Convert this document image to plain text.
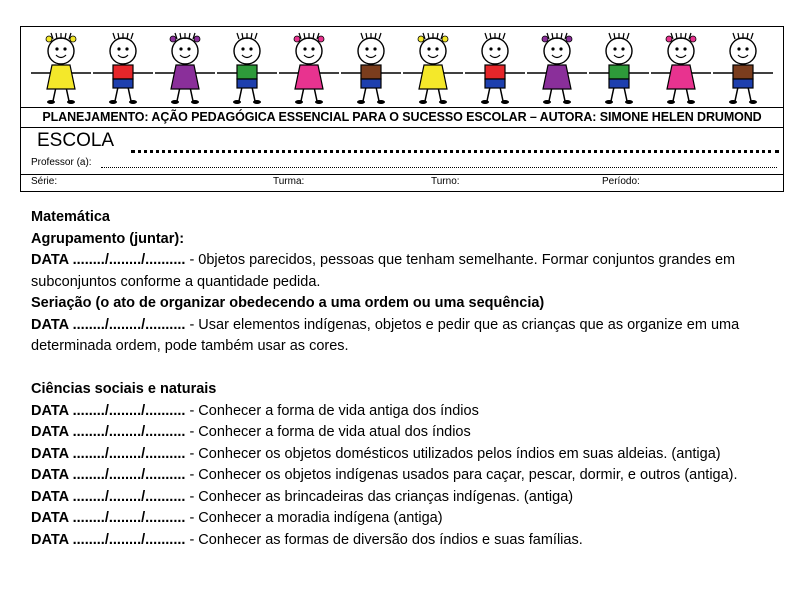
PLANEJAMENTO: AÇÃO PEDAGÓGICA ESSENCIAL PARA O SUCESSO ESCOLAR – AUTORA: SIMONE HELEN DRUMOND
ESCOLA
Professor (a):
Série:	Turma:	Turno:	Período:

Matemática

Agrupamento (juntar):

DATA ......../......../.......... - 0bjetos parecidos, pessoas que tenham semelhante. Formar conjuntos grandes em subconjuntos conforme a quantidade pedida.

Seriação (o ato de organizar obedecendo a uma ordem ou uma sequência)

DATA ......../......../.......... - Usar elementos indígenas, objetos e pedir que as crianças que as organize em uma determinada ordem, pode também usar as cores.

Ciências sociais e naturais

DATA ......../......../.......... - Conhecer a forma de vida antiga dos índios

DATA ......../......../.......... - Conhecer a forma de vida atual dos índios

DATA ......../......../.......... - Conhecer os objetos domésticos utilizados pelos índios em suas aldeias. (antiga)

DATA ......../......../.......... - Conhecer os objetos indígenas usados para caçar, pescar, dormir, e outros (antiga).

DATA ......../......../.......... - Conhecer as brincadeiras das crianças indígenas. (antiga)

DATA ......../......../.......... - Conhecer a moradia indígena (antiga)

DATA ......../......../.......... - Conhecer as formas de diversão dos índios e suas famílias.
